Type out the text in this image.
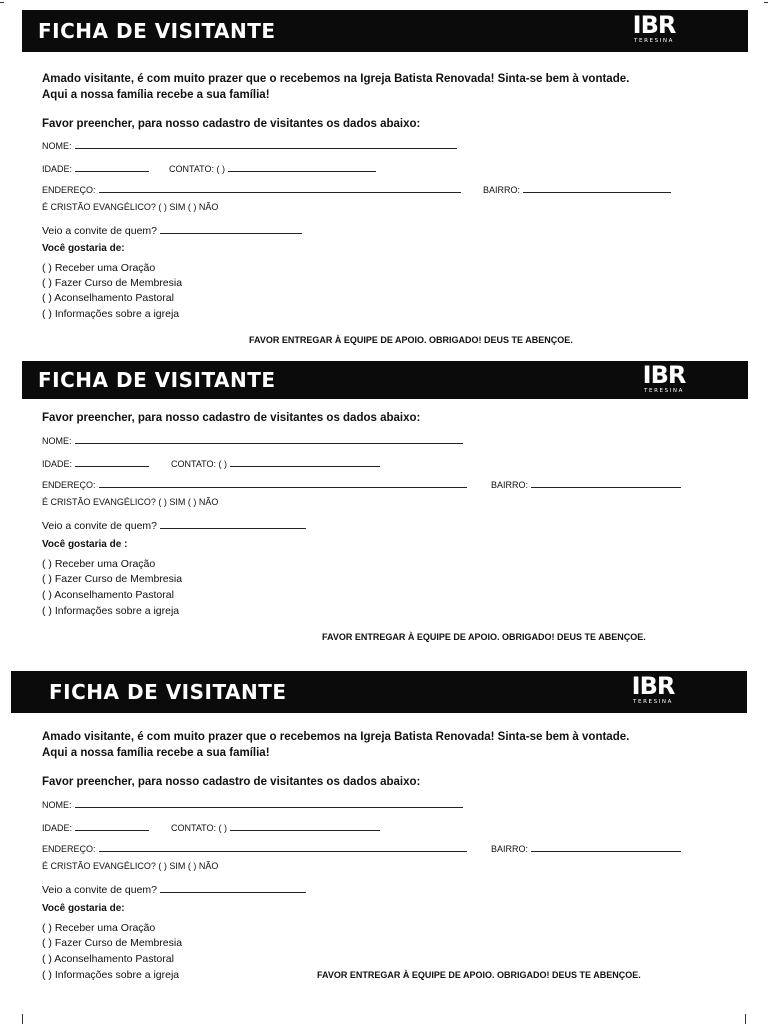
FICHA DE VISITANTE	IBR
TERESINA
Amado visitante, é com muito prazer que o recebemos na Igreja Batista Renovada! Sinta-se bem à vontade.
Aqui a nossa família recebe a sua família!
Favor preencher, para nosso cadastro de visitantes os dados abaixo:
NOME:
IDADE:	CONTATO: ( )
ENDEREÇO:	BAIRRO:
É CRISTÃO EVANGÉLICO? ( ) SIM ( ) NÃO
Veio a convite de quem?
Você gostaria de:
( ) Receber uma Oração
( ) Fazer Curso de Membresia
( ) Aconselhamento Pastoral
( ) Informações sobre a igreja
FAVOR ENTREGAR À EQUIPE DE APOIO. OBRIGADO! DEUS TE ABENÇOE.
FICHA DE VISITANTE	IBR
TERESINA
Favor preencher, para nosso cadastro de visitantes os dados abaixo:
NOME:
IDADE:	CONTATO: ( )
ENDEREÇO:	BAIRRO:
É CRISTÃO EVANGÉLICO? ( ) SIM ( ) NÃO
Veio a convite de quem?
Você gostaria de :
( ) Receber uma Oração
( ) Fazer Curso de Membresia
( ) Aconselhamento Pastoral
( ) Informações sobre a igreja
FAVOR ENTREGAR À EQUIPE DE APOIO. OBRIGADO! DEUS TE ABENÇOE.
FICHA DE VISITANTE	IBR
TERESINA
Amado visitante, é com muito prazer que o recebemos na Igreja Batista Renovada! Sinta-se bem à vontade.
Aqui a nossa família recebe a sua família!
Favor preencher, para nosso cadastro de visitantes os dados abaixo:
NOME:
IDADE:	CONTATO: ( )
ENDEREÇO:	BAIRRO:
É CRISTÃO EVANGÉLICO? ( ) SIM ( ) NÃO
Veio a convite de quem?
Você gostaria de:
( ) Receber uma Oração
( ) Fazer Curso de Membresia
( ) Aconselhamento Pastoral
( ) Informações sobre a igreja	FAVOR ENTREGAR À EQUIPE DE APOIO. OBRIGADO! DEUS TE ABENÇOE.
